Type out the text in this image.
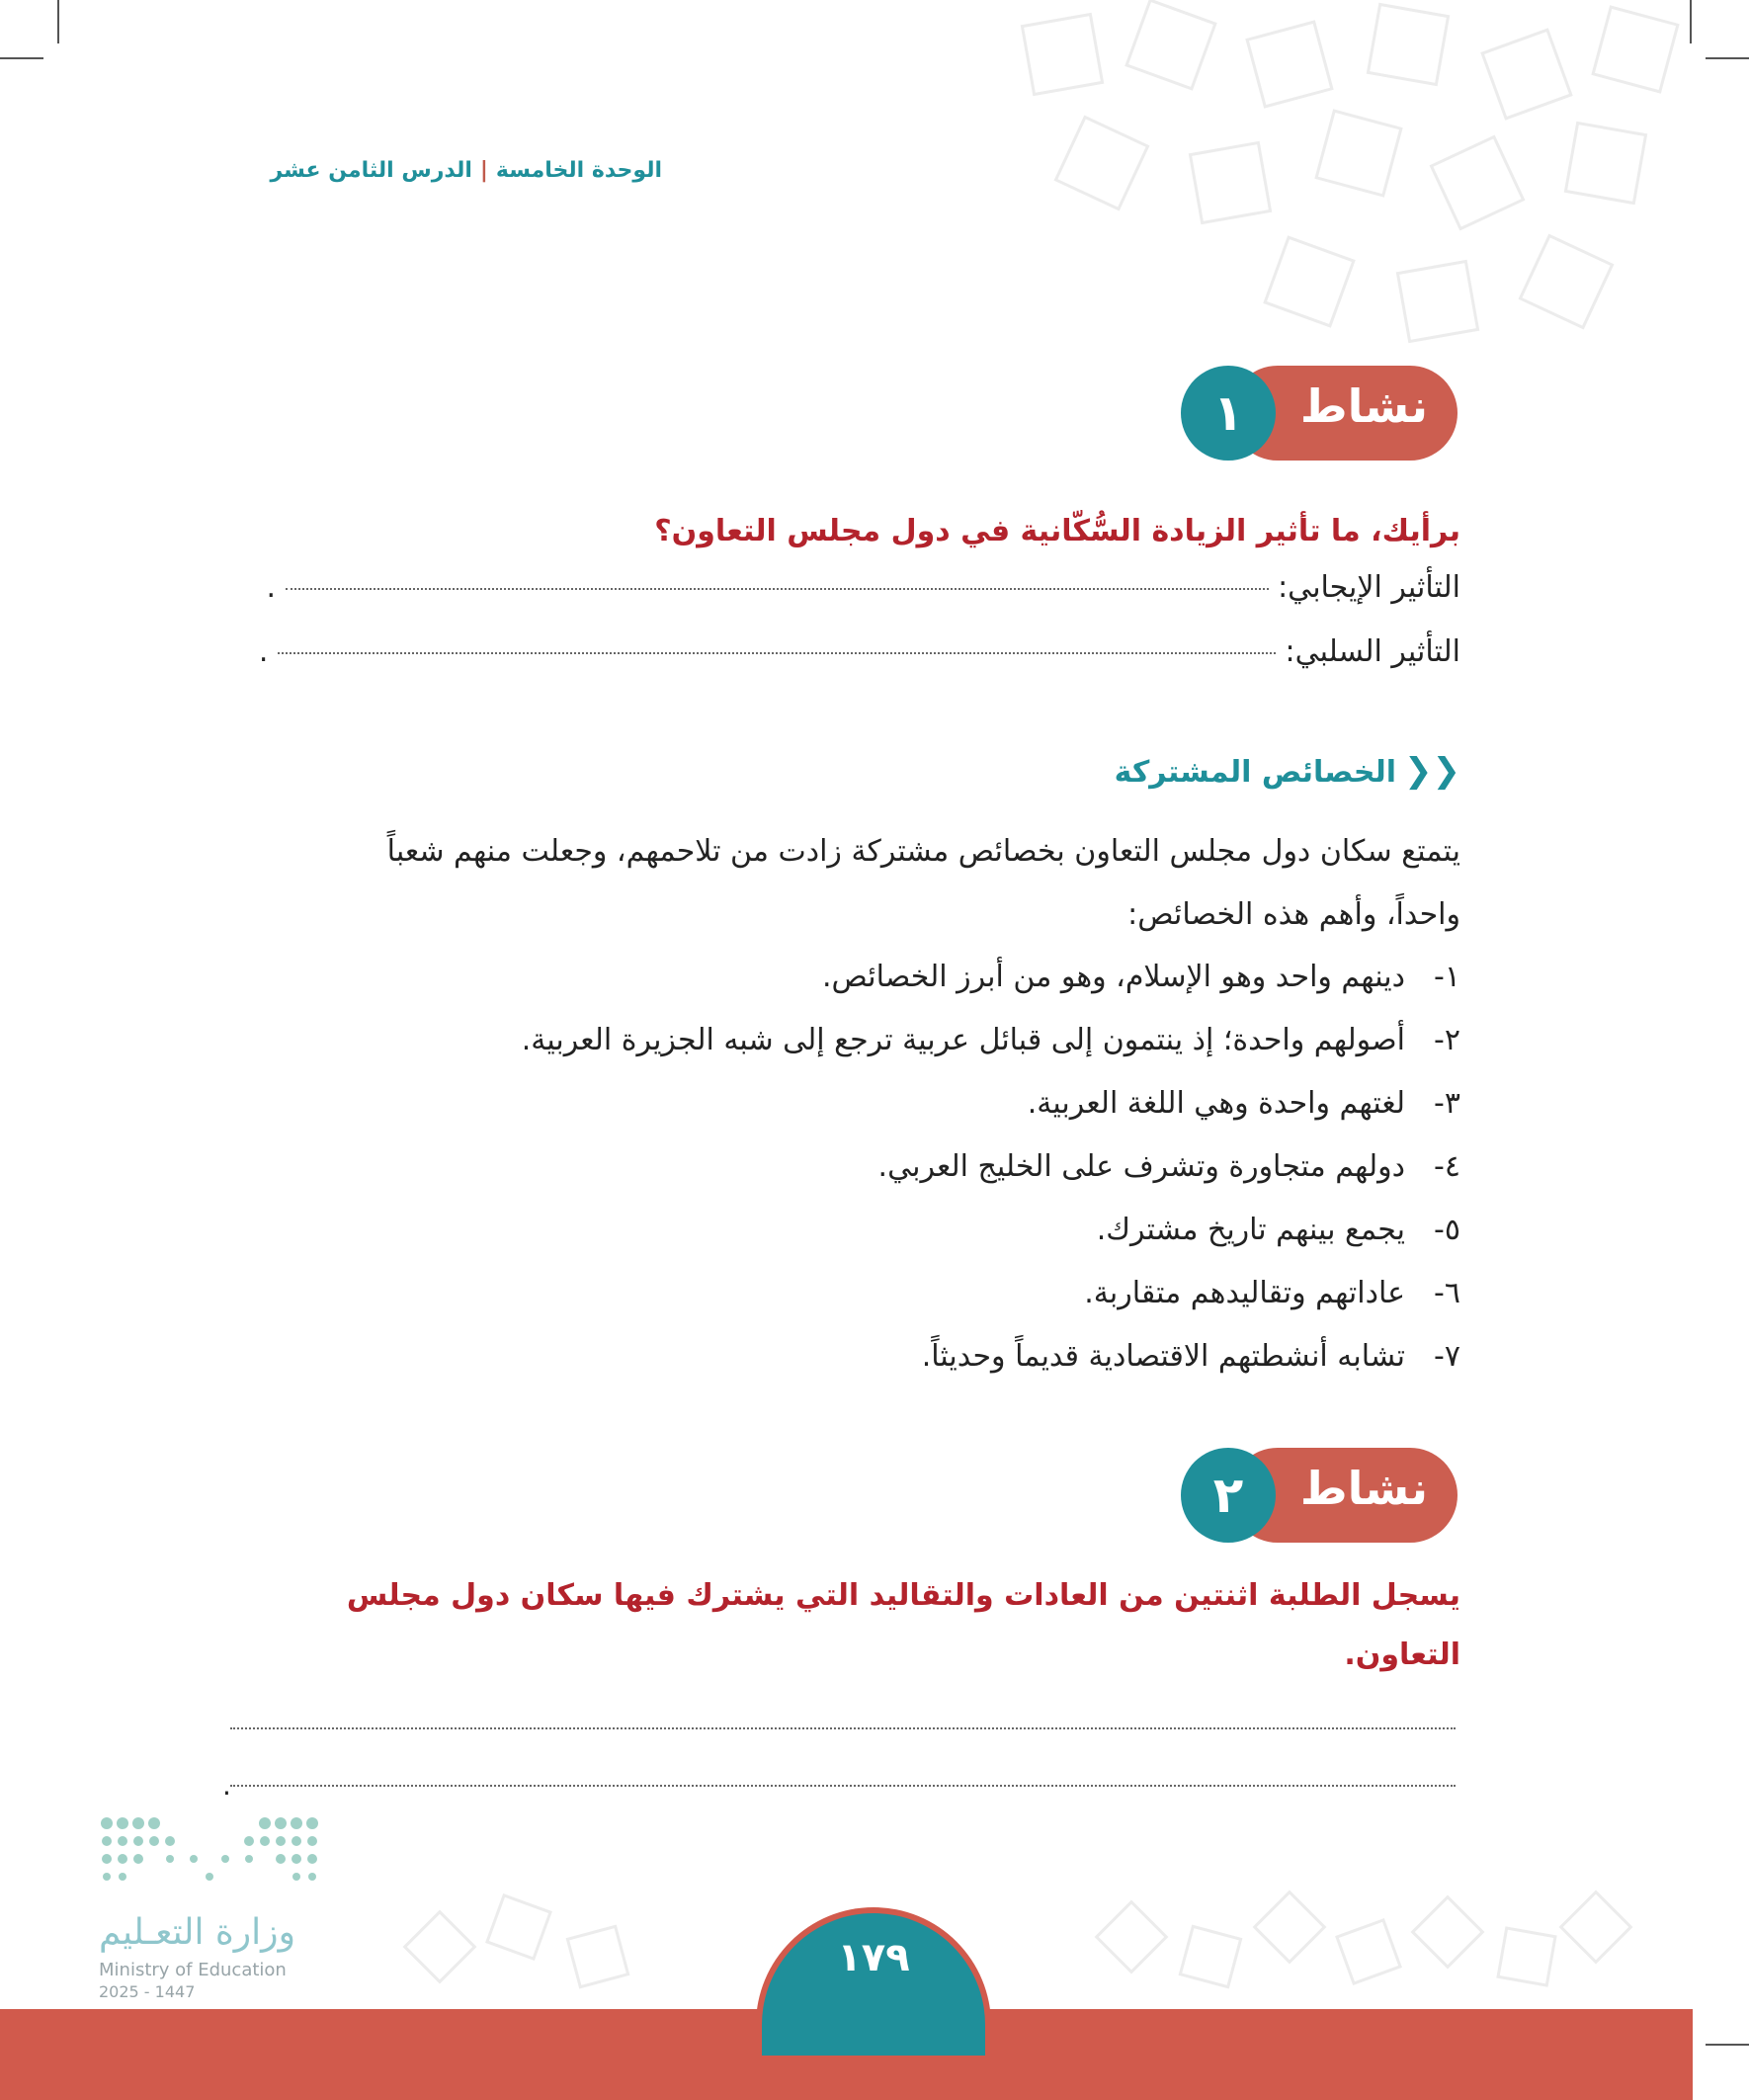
الوحدة الخامسة|الدرس الثامن عشر
نشاط
١
برأيك، ما تأثير الزيادة السُّكّانية في دول مجلس التعاون؟
التأثير الإيجابي:  .
التأثير السلبي:  .
❮❮الخصائص المشتركة
يتمتع سكان دول مجلس التعاون بخصائص مشتركة زادت من تلاحمهم، وجعلت منهم شعباً
واحداً، وأهم هذه الخصائص:
١-دينهم واحد وهو الإسلام، وهو من أبرز الخصائص.
٢-أصولهم واحدة؛ إذ ينتمون إلى قبائل عربية ترجع إلى شبه الجزيرة العربية.
٣-لغتهم واحدة وهي اللغة العربية.
٤-دولهم متجاورة وتشرف على الخليج العربي.
٥-يجمع بينهم تاريخ مشترك.
٦-عاداتهم وتقاليدهم متقاربة.
٧-تشابه أنشطتهم الاقتصادية قديماً وحديثاً.
نشاط
٢
يسجل الطلبة اثنتين من العادات والتقاليد التي يشترك فيها سكان دول مجلس
التعاون.
.
وزارة التعـليم
Ministry of Education
2025 - 1447
١٧٩
